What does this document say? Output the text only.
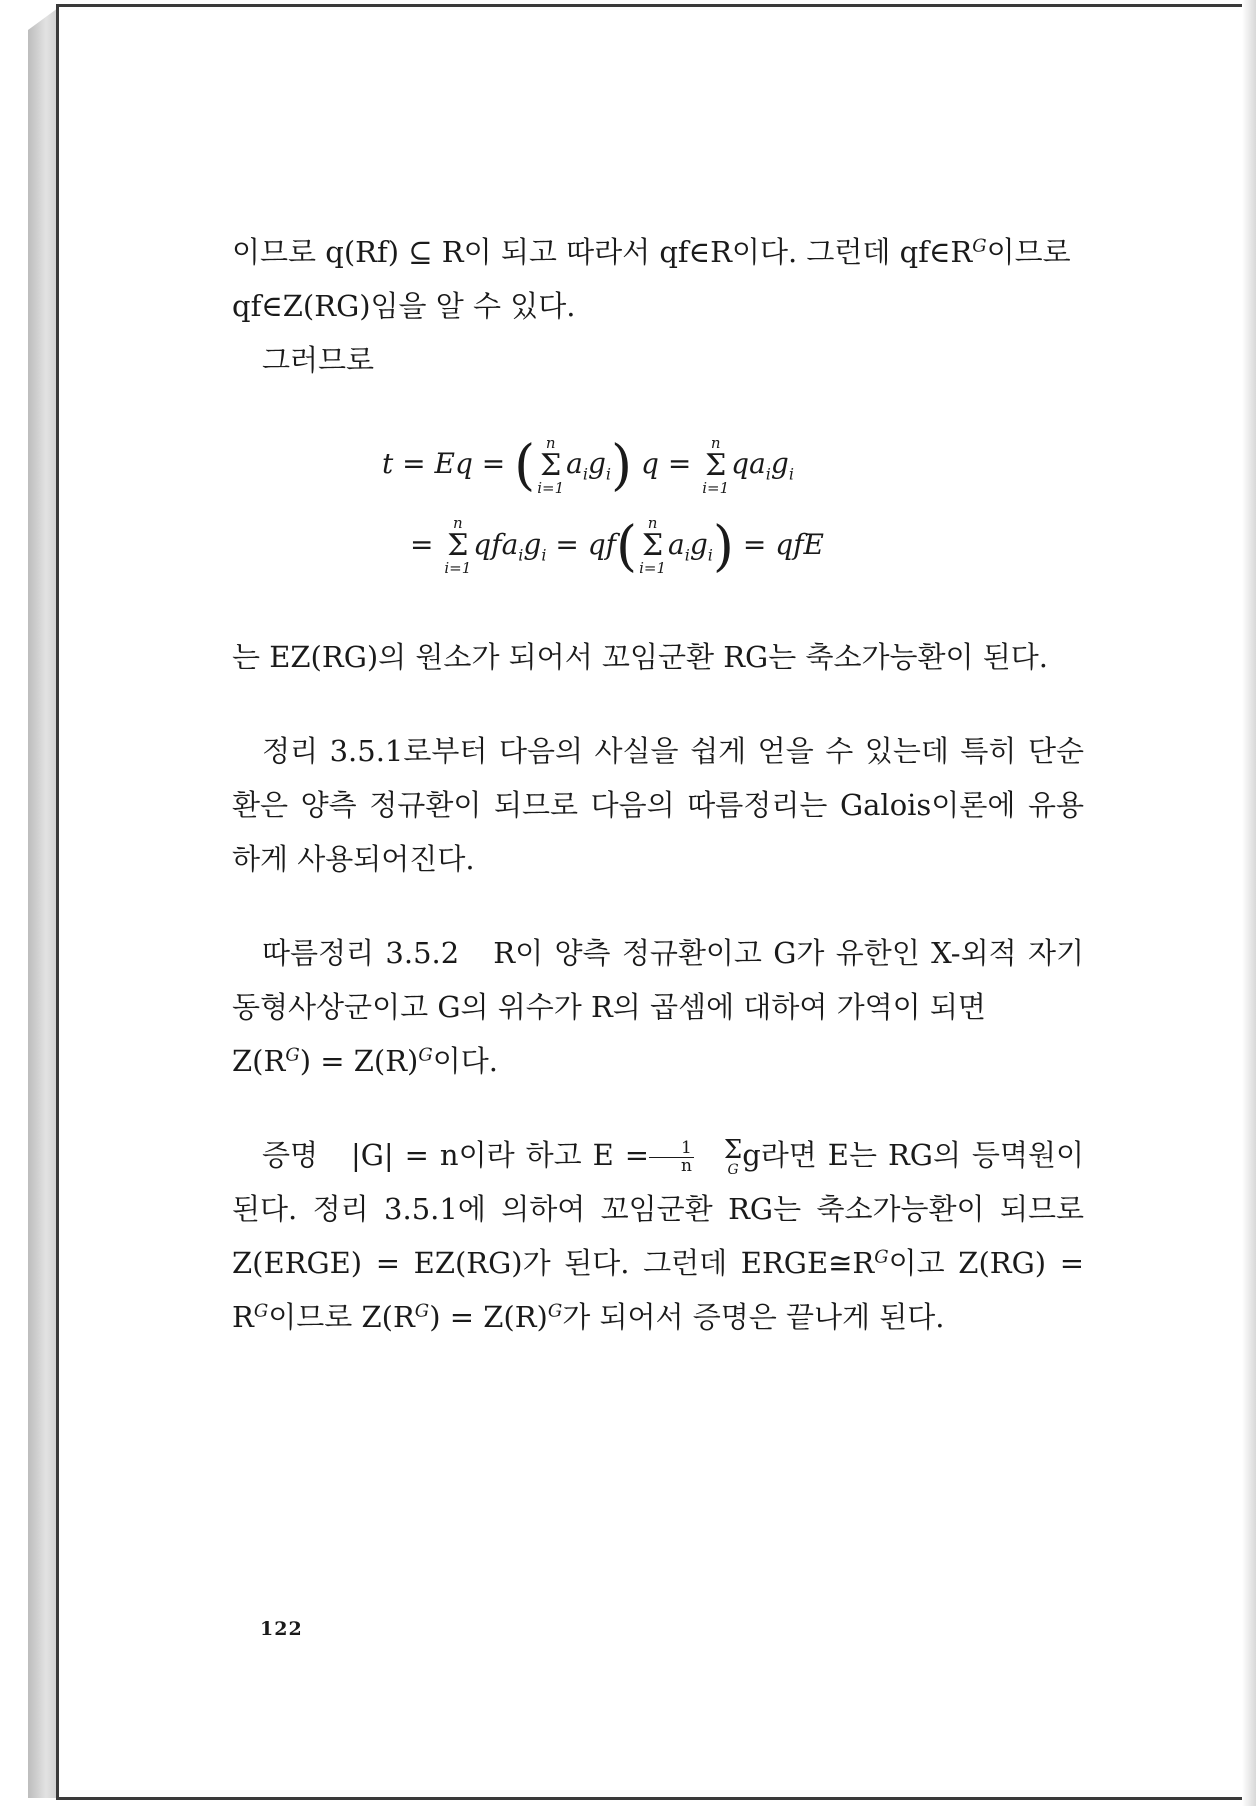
이므로 q(Rf) ⊆ R이 되고 따라서 qf∈R이다. 그런데 $qf\in R^G$이므로
qf∈Z(RG)임을 알 수 있다.
그러므로

t = Eq = ( n
Σ
i=1
$a_ig_i$) q =
n
Σ
i=1
$qa_ig_i$
=
n
Σ
i=1
$qfa_ig_i = qf$( n
Σ
i=1
$a_ig_i$) = qfE

는 EZ(RG)의 원소가 되어서 꼬임군환 RG는 축소가능환이 된다.

정리 3.5.1로부터 다음의 사실을 쉽게 얻을 수 있는데 특히 단순환은 양측 정규환이 되므로 다음의 따름정리는 Galois이론에 유용하게 사용되어진다.

따름정리 3.5.2 R이 양측 정규환이고 G가 유한인 X-외적 자기동형사상군이고 G의 위수가 R의 곱셈에 대하여 가역이 되면
$Z(R^G) = Z(R)^G$이다.

증명 |G| = n이라 하고 $E = \frac{1}{n}$	Σ
G g라면 E는 RG의 등멱원이 된다. 정리 3.5.1에 의하여 꼬임군환 RG는 축소가능환이 되므로 Z(ERGE) = EZ(RG)가 된다. 그런데 $ERGE≅R^G$이고 $Z(RG) = R^G$이므로 $Z(R^G) = Z(R)^G$가 되어서 증명은 끝나게 된다.

122
